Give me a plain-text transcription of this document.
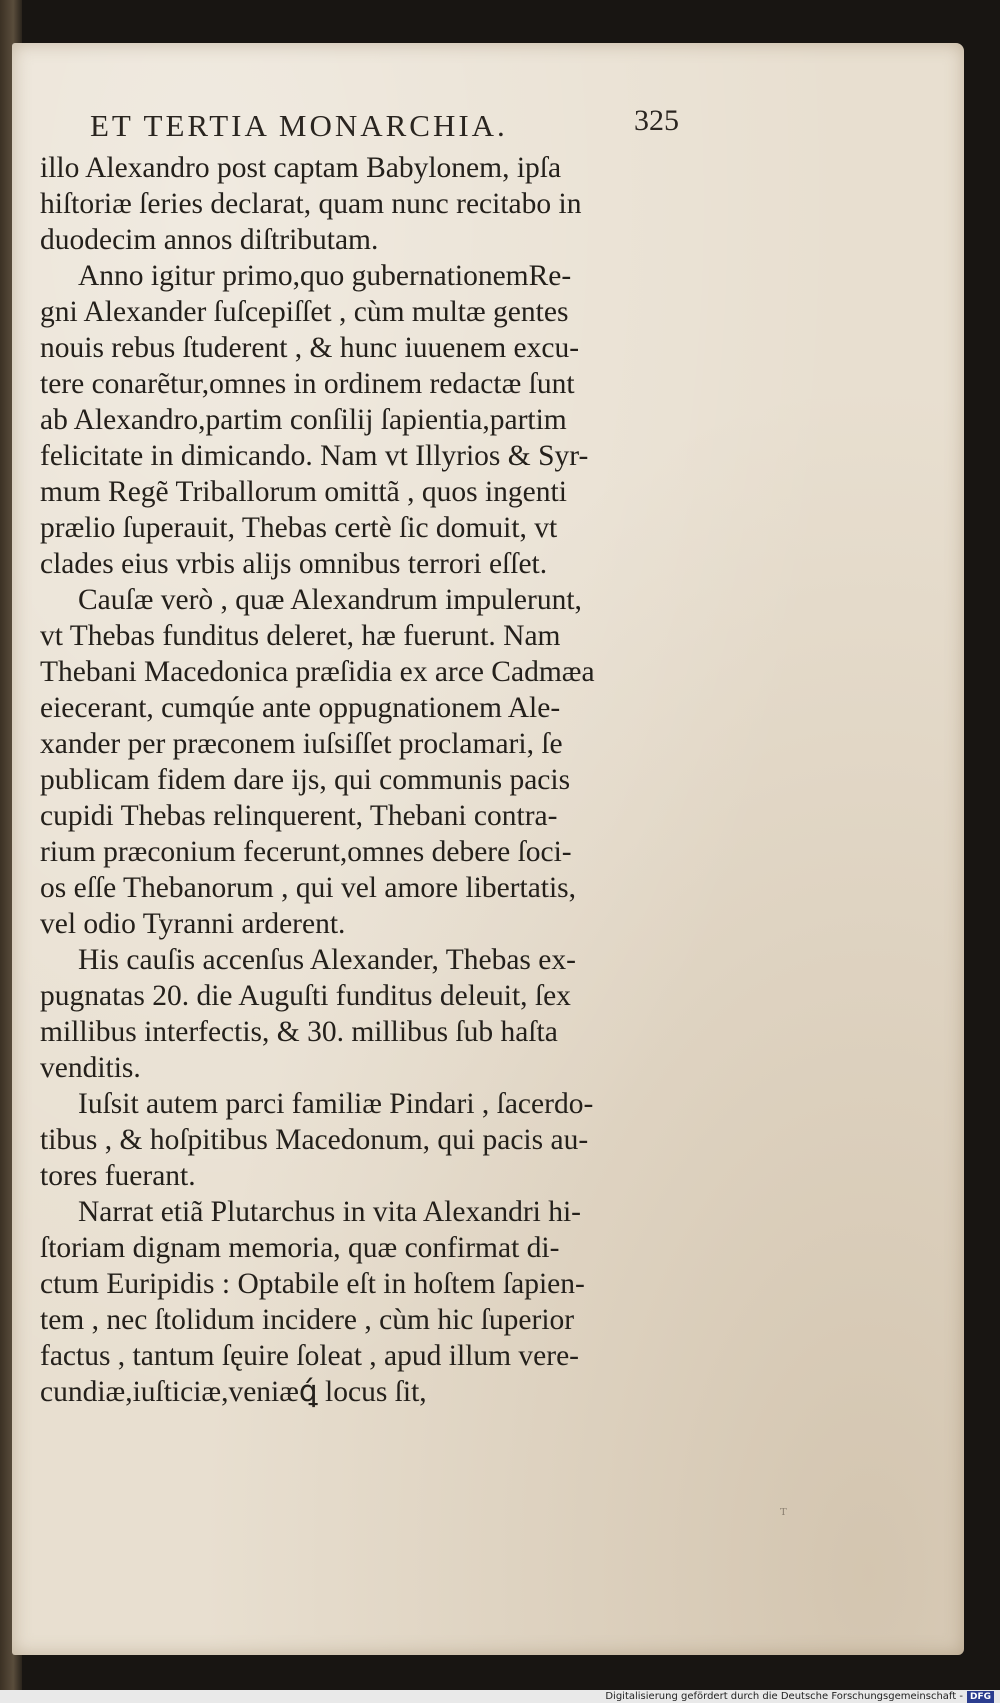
ET TERTIA MONARCHIA.	325
illo Alexandro post captam Babylonem, ipſa
hiſtoriæ ſeries declarat, quam nunc recitabo in
duodecim annos diſtributam.
Anno igitur primo,quo gubernationemRe-
gni Alexander ſuſcepiſſet , cùm multæ gentes
nouis rebus ſtuderent , & hunc iuuenem excu-
tere conarẽtur,omnes in ordinem redactæ ſunt
ab Alexandro,partim conſilij ſapientia,partim
felicitate in dimicando. Nam vt Illyrios & Syr-
mum Regẽ Triballorum omittã , quos ingenti
prælio ſuperauit, Thebas certè ſic domuit, vt
clades eius vrbis alijs omnibus terrori eſſet.
Cauſæ verò , quæ Alexandrum impulerunt,
vt Thebas funditus deleret, hæ fuerunt. Nam
Thebani Macedonica præſidia ex arce Cadmæa
eiecerant, cumqúe ante oppugnationem Ale-
xander per præconem iuſsiſſet proclamari, ſe
publicam fidem dare ijs, qui communis pacis
cupidi Thebas relinquerent, Thebani contra-
rium præconium fecerunt,omnes debere ſoci-
os eſſe Thebanorum , qui vel amore libertatis,
vel odio Tyranni arderent.
His cauſis accenſus Alexander, Thebas ex-
pugnatas 20. die Auguſti funditus deleuit, ſex
millibus interfectis, & 30. millibus ſub haſta
venditis.
Iuſsit autem parci familiæ Pindari , ſacerdo-
tibus , & hoſpitibus Macedonum, qui pacis au-
tores fuerant.
Narrat etiã Plutarchus in vita Alexandri hi-
ſtoriam dignam memoria, quæ confirmat di-
ctum Euripidis : Optabile eſt in hoſtem ſapien-
tem , nec ſtolidum incidere , cùm hic ſuperior
factus , tantum ſęuire ſoleat , apud illum vere-
cundiæ,iuſticiæ,veniæꝗ́ locus ſit,
ᵀ
Digitalisierung gefördert durch die Deutsche Forschungsgemeinschaft - DFG
